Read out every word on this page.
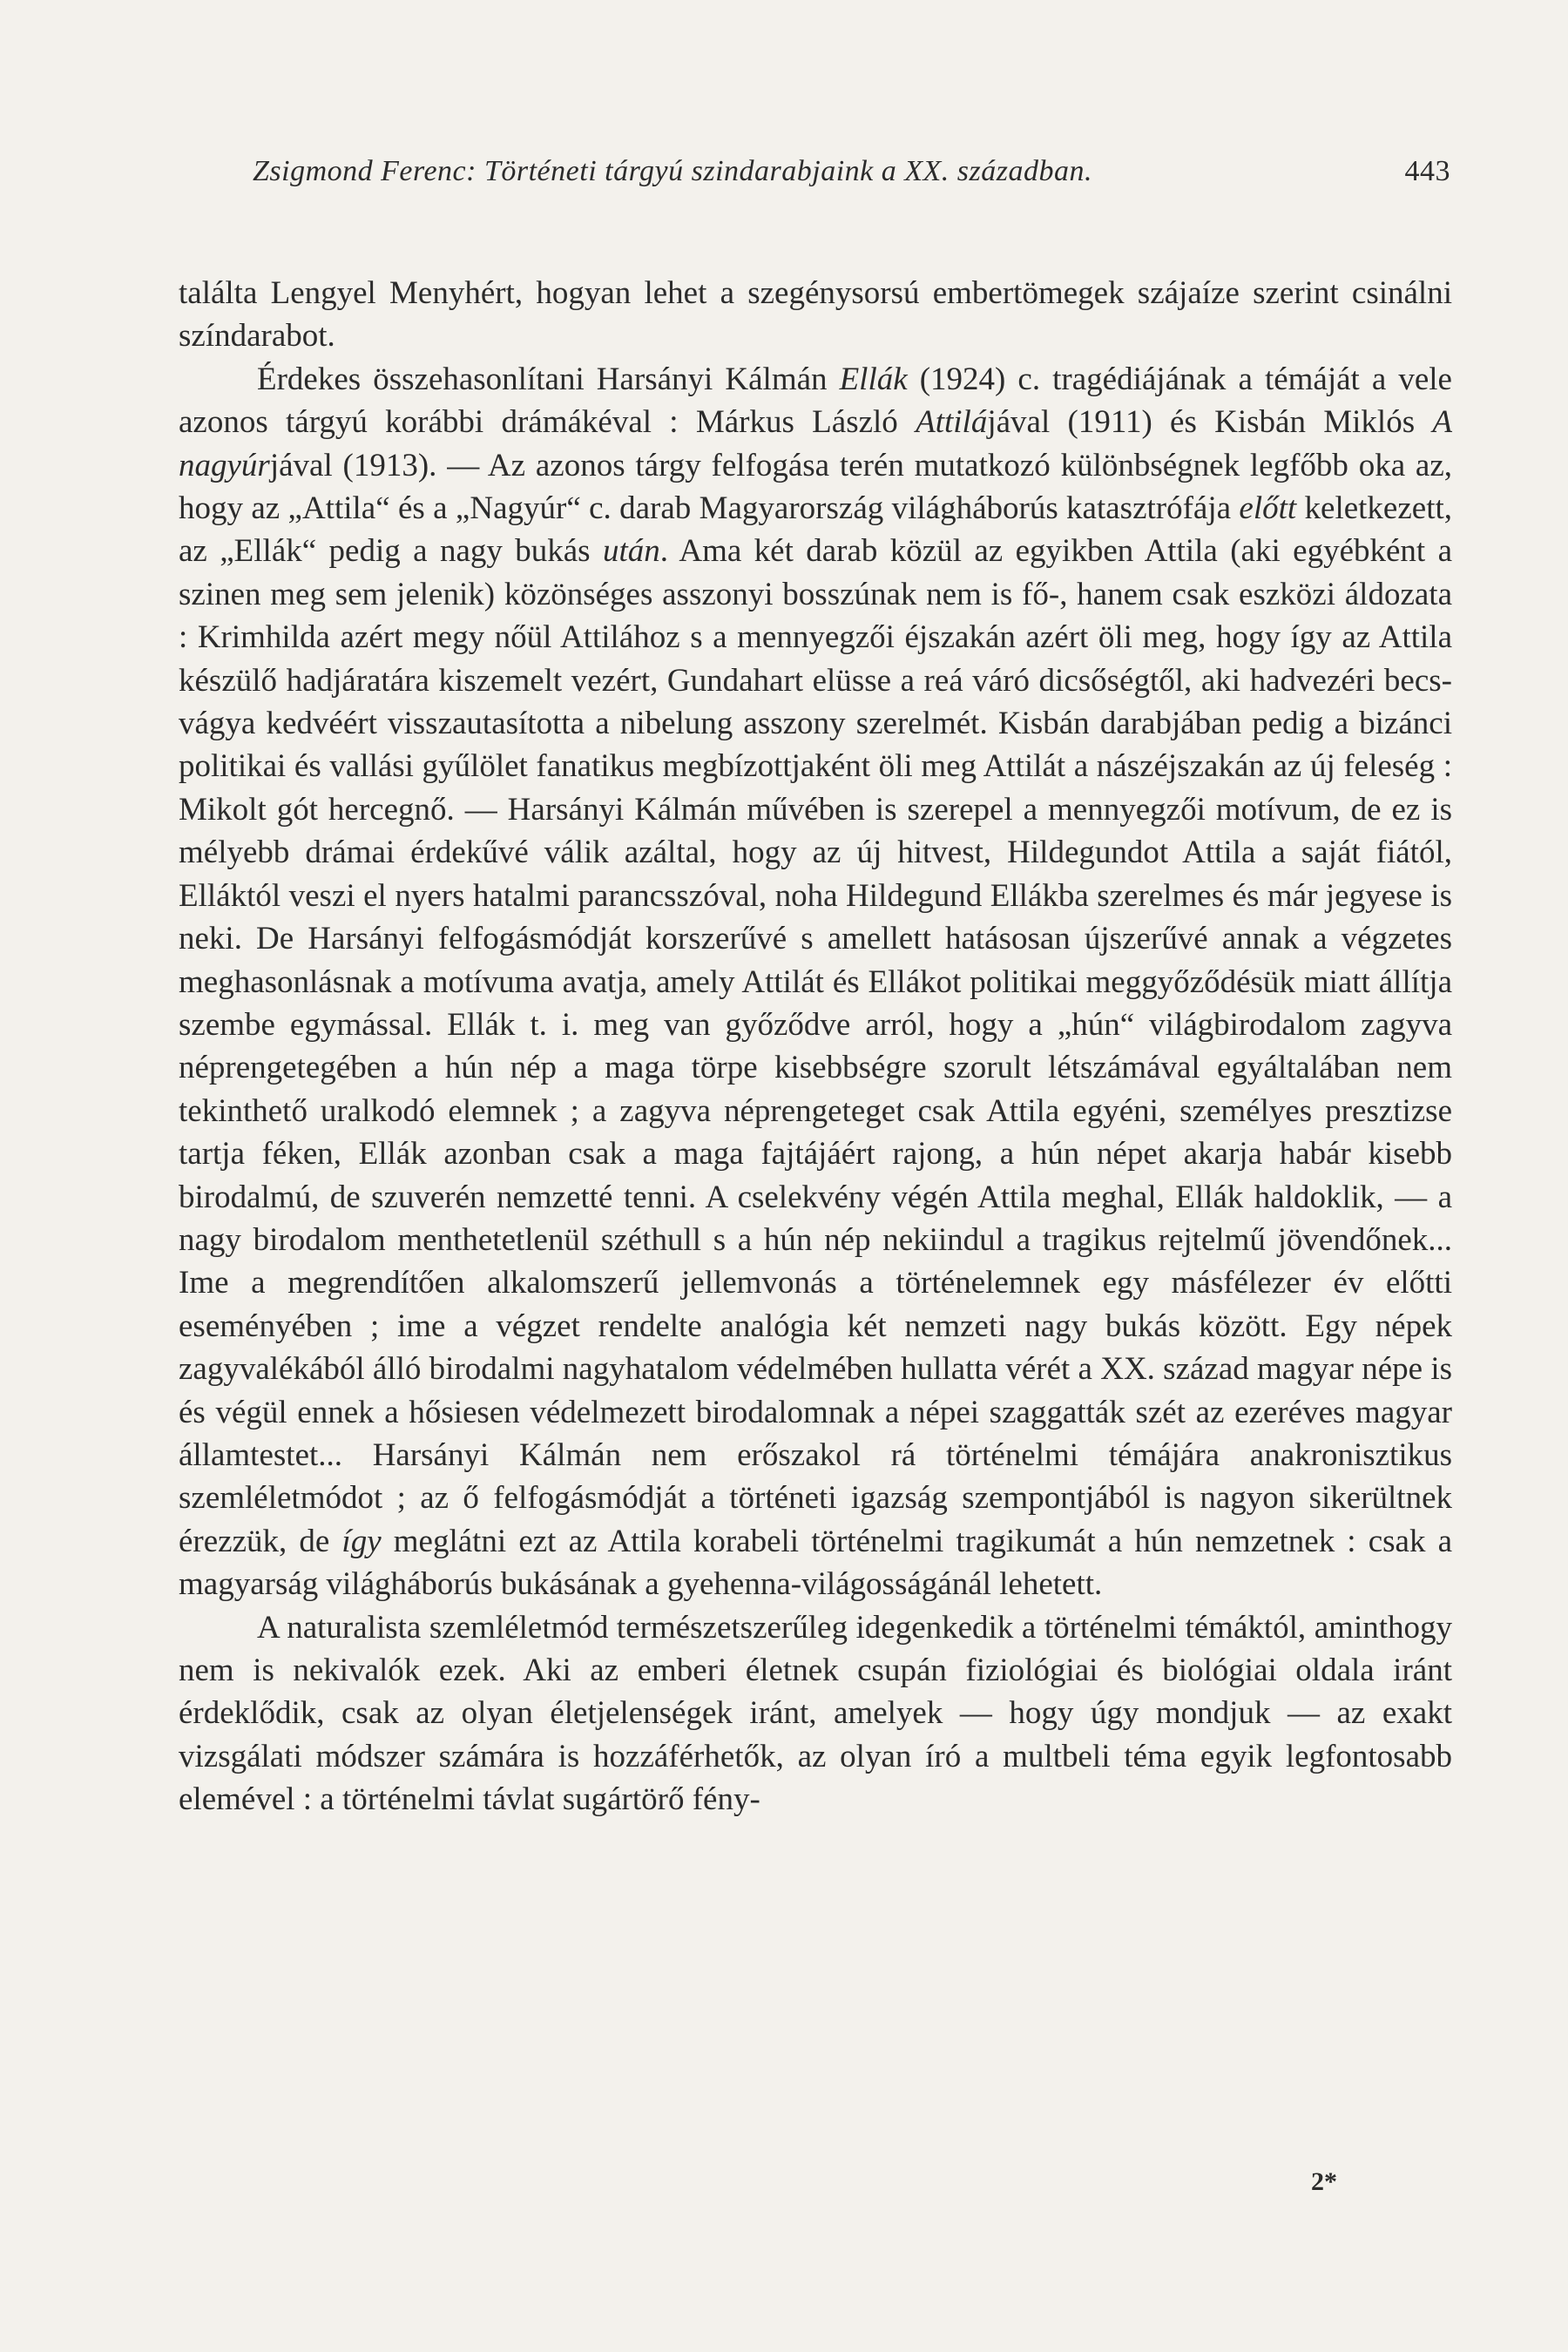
Zsigmond Ferenc: Történeti tárgyú szindarabjaink a XX. században.	443

találta Lengyel Menyhért, hogyan lehet a szegénysorsú embertömegek szájaíze szerint csinálni színdarabot.

Érdekes összehasonlítani Harsányi Kálmán Ellák (1924) c. tragédiájának a témáját a vele azonos tárgyú korábbi drámákéval : Márkus László Attilájával (1911) és Kisbán Miklós A nagyúrjával (1913). — Az azonos tárgy felfogása terén mutatkozó különbségnek legfőbb oka az, hogy az „Attila“ és a „Nagyúr“ c. darab Magyarország világháborús katasztrófája előtt keletkezett, az „Ellák“ pedig a nagy bukás után. Ama két darab közül az egyikben Attila (aki egyébként a szinen meg sem jelenik) közönséges asszonyi bosszúnak nem is fő-, hanem csak eszközi áldozata : Krimhilda azért megy nőül Attilához s a mennyegzői éjszakán azért öli meg, hogy így az Attila készülő hadjáratára kiszemelt vezért, Gundahart elüsse a reá váró dicsőségtől, aki hadvezéri becsvágya kedvéért visszautasította a nibelung asszony szerelmét. Kisbán darabjában pedig a bizánci politikai és vallási gyűlölet fanatikus megbízottjaként öli meg Attilát a nászéjszakán az új feleség : Mikolt gót hercegnő. — Harsányi Kálmán művében is szerepel a mennyegzői motívum, de ez is mélyebb drámai érdekűvé válik azáltal, hogy az új hitvest, Hildegundot Attila a saját fiától, Elláktól veszi el nyers hatalmi parancsszóval, noha Hildegund Ellákba szerelmes és már jegyese is neki. De Harsányi felfogásmódját korszerűvé s amellett hatásosan újszerűvé annak a végzetes meghasonlásnak a motívuma avatja, amely Attilát és Ellákot politikai meggyőződésük miatt állítja szembe egymással. Ellák t. i. meg van győződve arról, hogy a „hún“ világbirodalom zagyva néprengetegében a hún nép a maga törpe kisebbségre szorult létszámával egyáltalában nem tekinthető uralkodó elemnek ; a zagyva néprengeteget csak Attila egyéni, személyes presztizse tartja féken, Ellák azonban csak a maga fajtájáért rajong, a hún népet akarja habár kisebb birodalmú, de szuverén nemzetté tenni. A cselekvény végén Attila meghal, Ellák haldoklik, — a nagy birodalom menthetetlenül széthull s a hún nép nekiindul a tragikus rejtelmű jövendőnek... Ime a megrendítően alkalomszerű jellemvonás a történelemnek egy másfélezer év előtti eseményében ; ime a végzet rendelte analógia két nemzeti nagy bukás között. Egy népek zagyvalékából álló birodalmi nagyhatalom védelmében hullatta vérét a XX. század magyar népe is és végül ennek a hősiesen védelmezett birodalomnak a népei szaggatták szét az ezeréves magyar államtestet... Harsányi Kálmán nem erőszakol rá történelmi témájára anakronisztikus szemléletmódot ; az ő felfogásmódját a történeti igazság szempontjából is nagyon sikerültnek érezzük, de így meglátni ezt az Attila korabeli történelmi tragikumát a hún nemzetnek : csak a magyarság világháborús bukásának a gyehenna-világosságánál lehetett.

A naturalista szemléletmód természetszerűleg idegenkedik a történelmi témáktól, aminthogy nem is nekivalók ezek. Aki az emberi életnek csupán fiziológiai és biológiai oldala iránt érdeklődik, csak az olyan életjelenségek iránt, amelyek — hogy úgy mondjuk — az exakt vizsgálati módszer számára is hozzáférhetők, az olyan író a multbeli téma egyik legfontosabb elemével : a történelmi távlat sugártörő fény-

2*
